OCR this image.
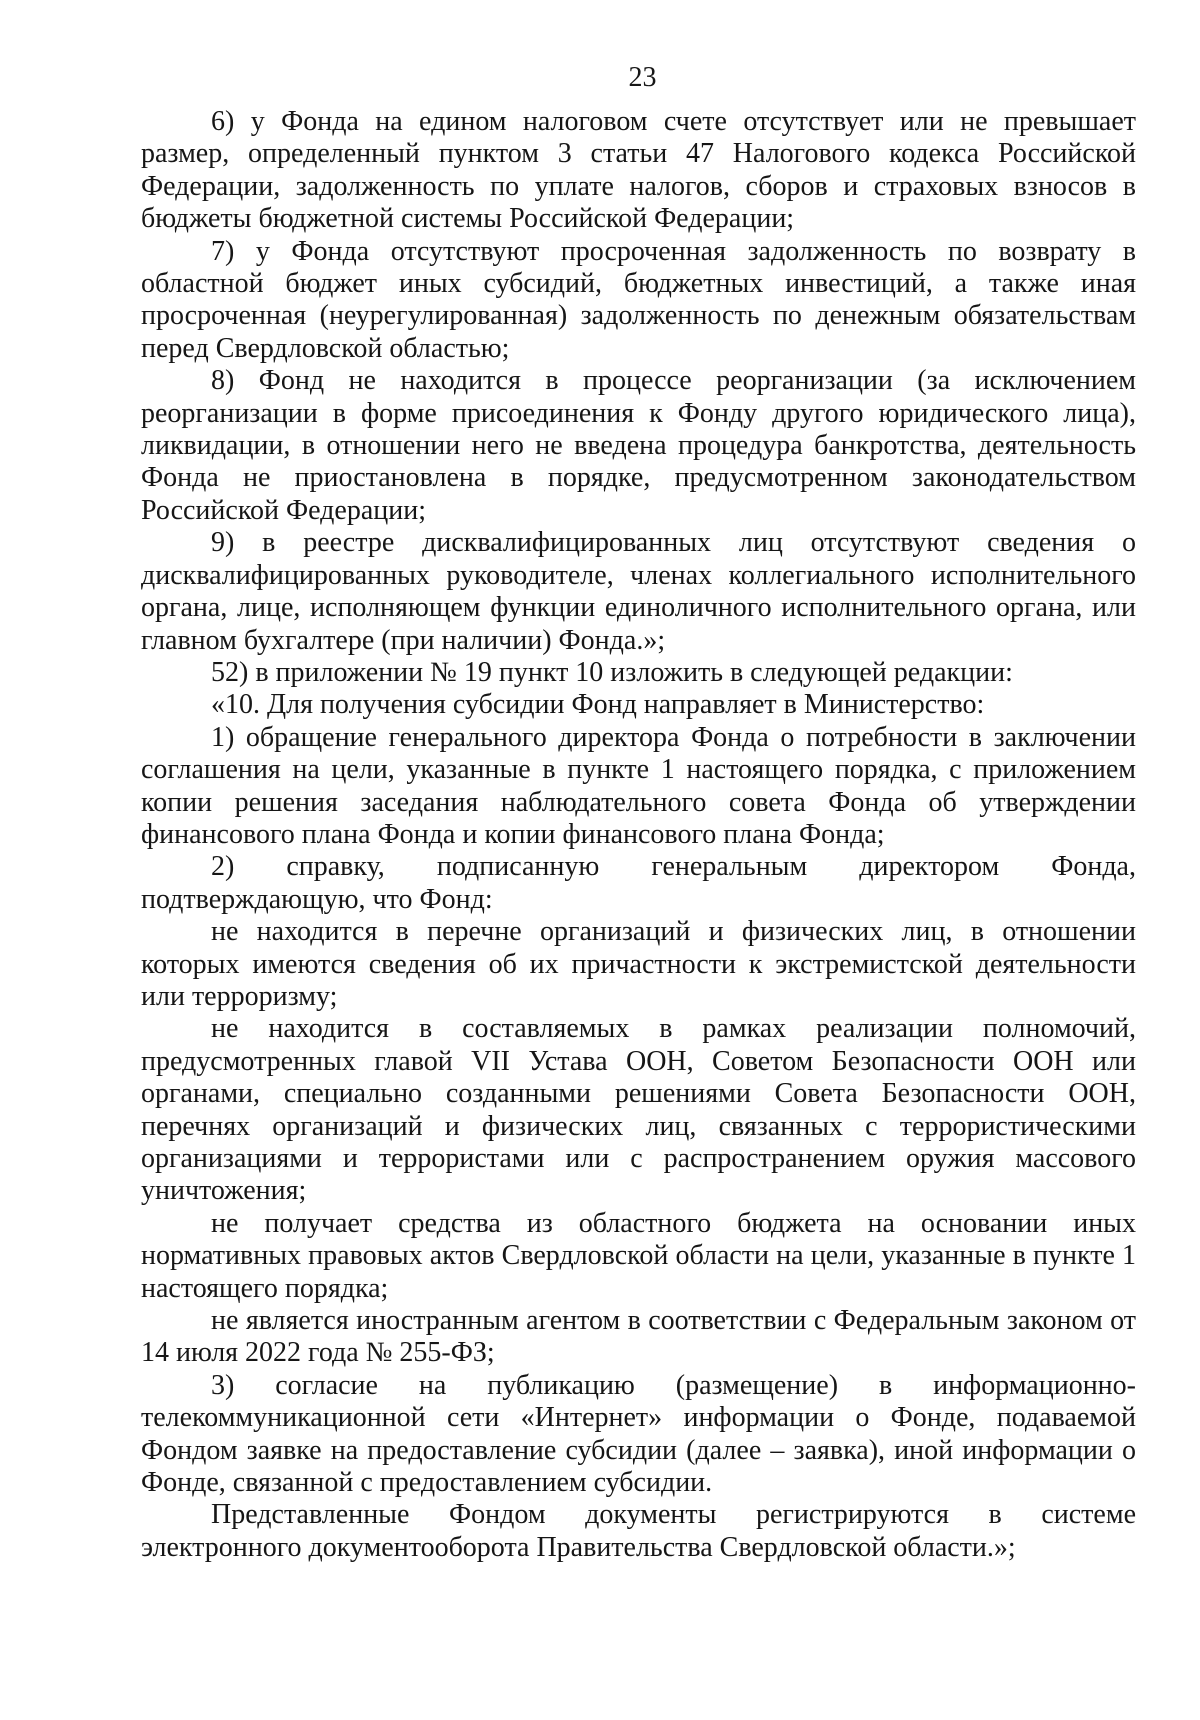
23

6) у Фонда на едином налоговом счете отсутствует или не превышает размер, определенный пунктом 3 статьи 47 Налогового кодекса Российской Федерации, задолженность по уплате налогов, сборов и страховых взносов в бюджеты бюджетной системы Российской Федерации;

7) у Фонда отсутствуют просроченная задолженность по возврату в областной бюджет иных субсидий, бюджетных инвестиций, а также иная просроченная (неурегулированная) задолженность по денежным обязательствам перед Свердловской областью;

8) Фонд не находится в процессе реорганизации (за исключением реорганизации в форме присоединения к Фонду другого юридического лица), ликвидации, в отношении него не введена процедура банкротства, деятельность Фонда не приостановлена в порядке, предусмотренном законодательством Российской Федерации;

9) в реестре дисквалифицированных лиц отсутствуют сведения о дисквалифицированных руководителе, членах коллегиального исполнительного органа, лице, исполняющем функции единоличного исполнительного органа, или главном бухгалтере (при наличии) Фонда.»;

52) в приложении № 19 пункт 10 изложить в следующей редакции:

«10. Для получения субсидии Фонд направляет в Министерство:

1) обращение генерального директора Фонда о потребности в заключении соглашения на цели, указанные в пункте 1 настоящего порядка, с приложением копии решения заседания наблюдательного совета Фонда об утверждении финансового плана Фонда и копии финансового плана Фонда;

2) справку, подписанную генеральным директором Фонда, подтверждающую, что Фонд:

не находится в перечне организаций и физических лиц, в отношении которых имеются сведения об их причастности к экстремистской деятельности или терроризму;

не находится в составляемых в рамках реализации полномочий, предусмотренных главой VII Устава ООН, Советом Безопасности ООН или органами, специально созданными решениями Совета Безопасности ООН, перечнях организаций и физических лиц, связанных с террористическими организациями и террористами или с распространением оружия массового уничтожения;

не получает средства из областного бюджета на основании иных нормативных правовых актов Свердловской области на цели, указанные в пункте 1 настоящего порядка;

не является иностранным агентом в соответствии с Федеральным законом от 14 июля 2022 года № 255-ФЗ;

3) согласие на публикацию (размещение) в информационно-телекоммуникационной сети «Интернет» информации о Фонде, подаваемой Фондом заявке на предоставление субсидии (далее – заявка), иной информации о Фонде, связанной с предоставлением субсидии.

Представленные Фондом документы регистрируются в системе электронного документооборота Правительства Свердловской области.»;
